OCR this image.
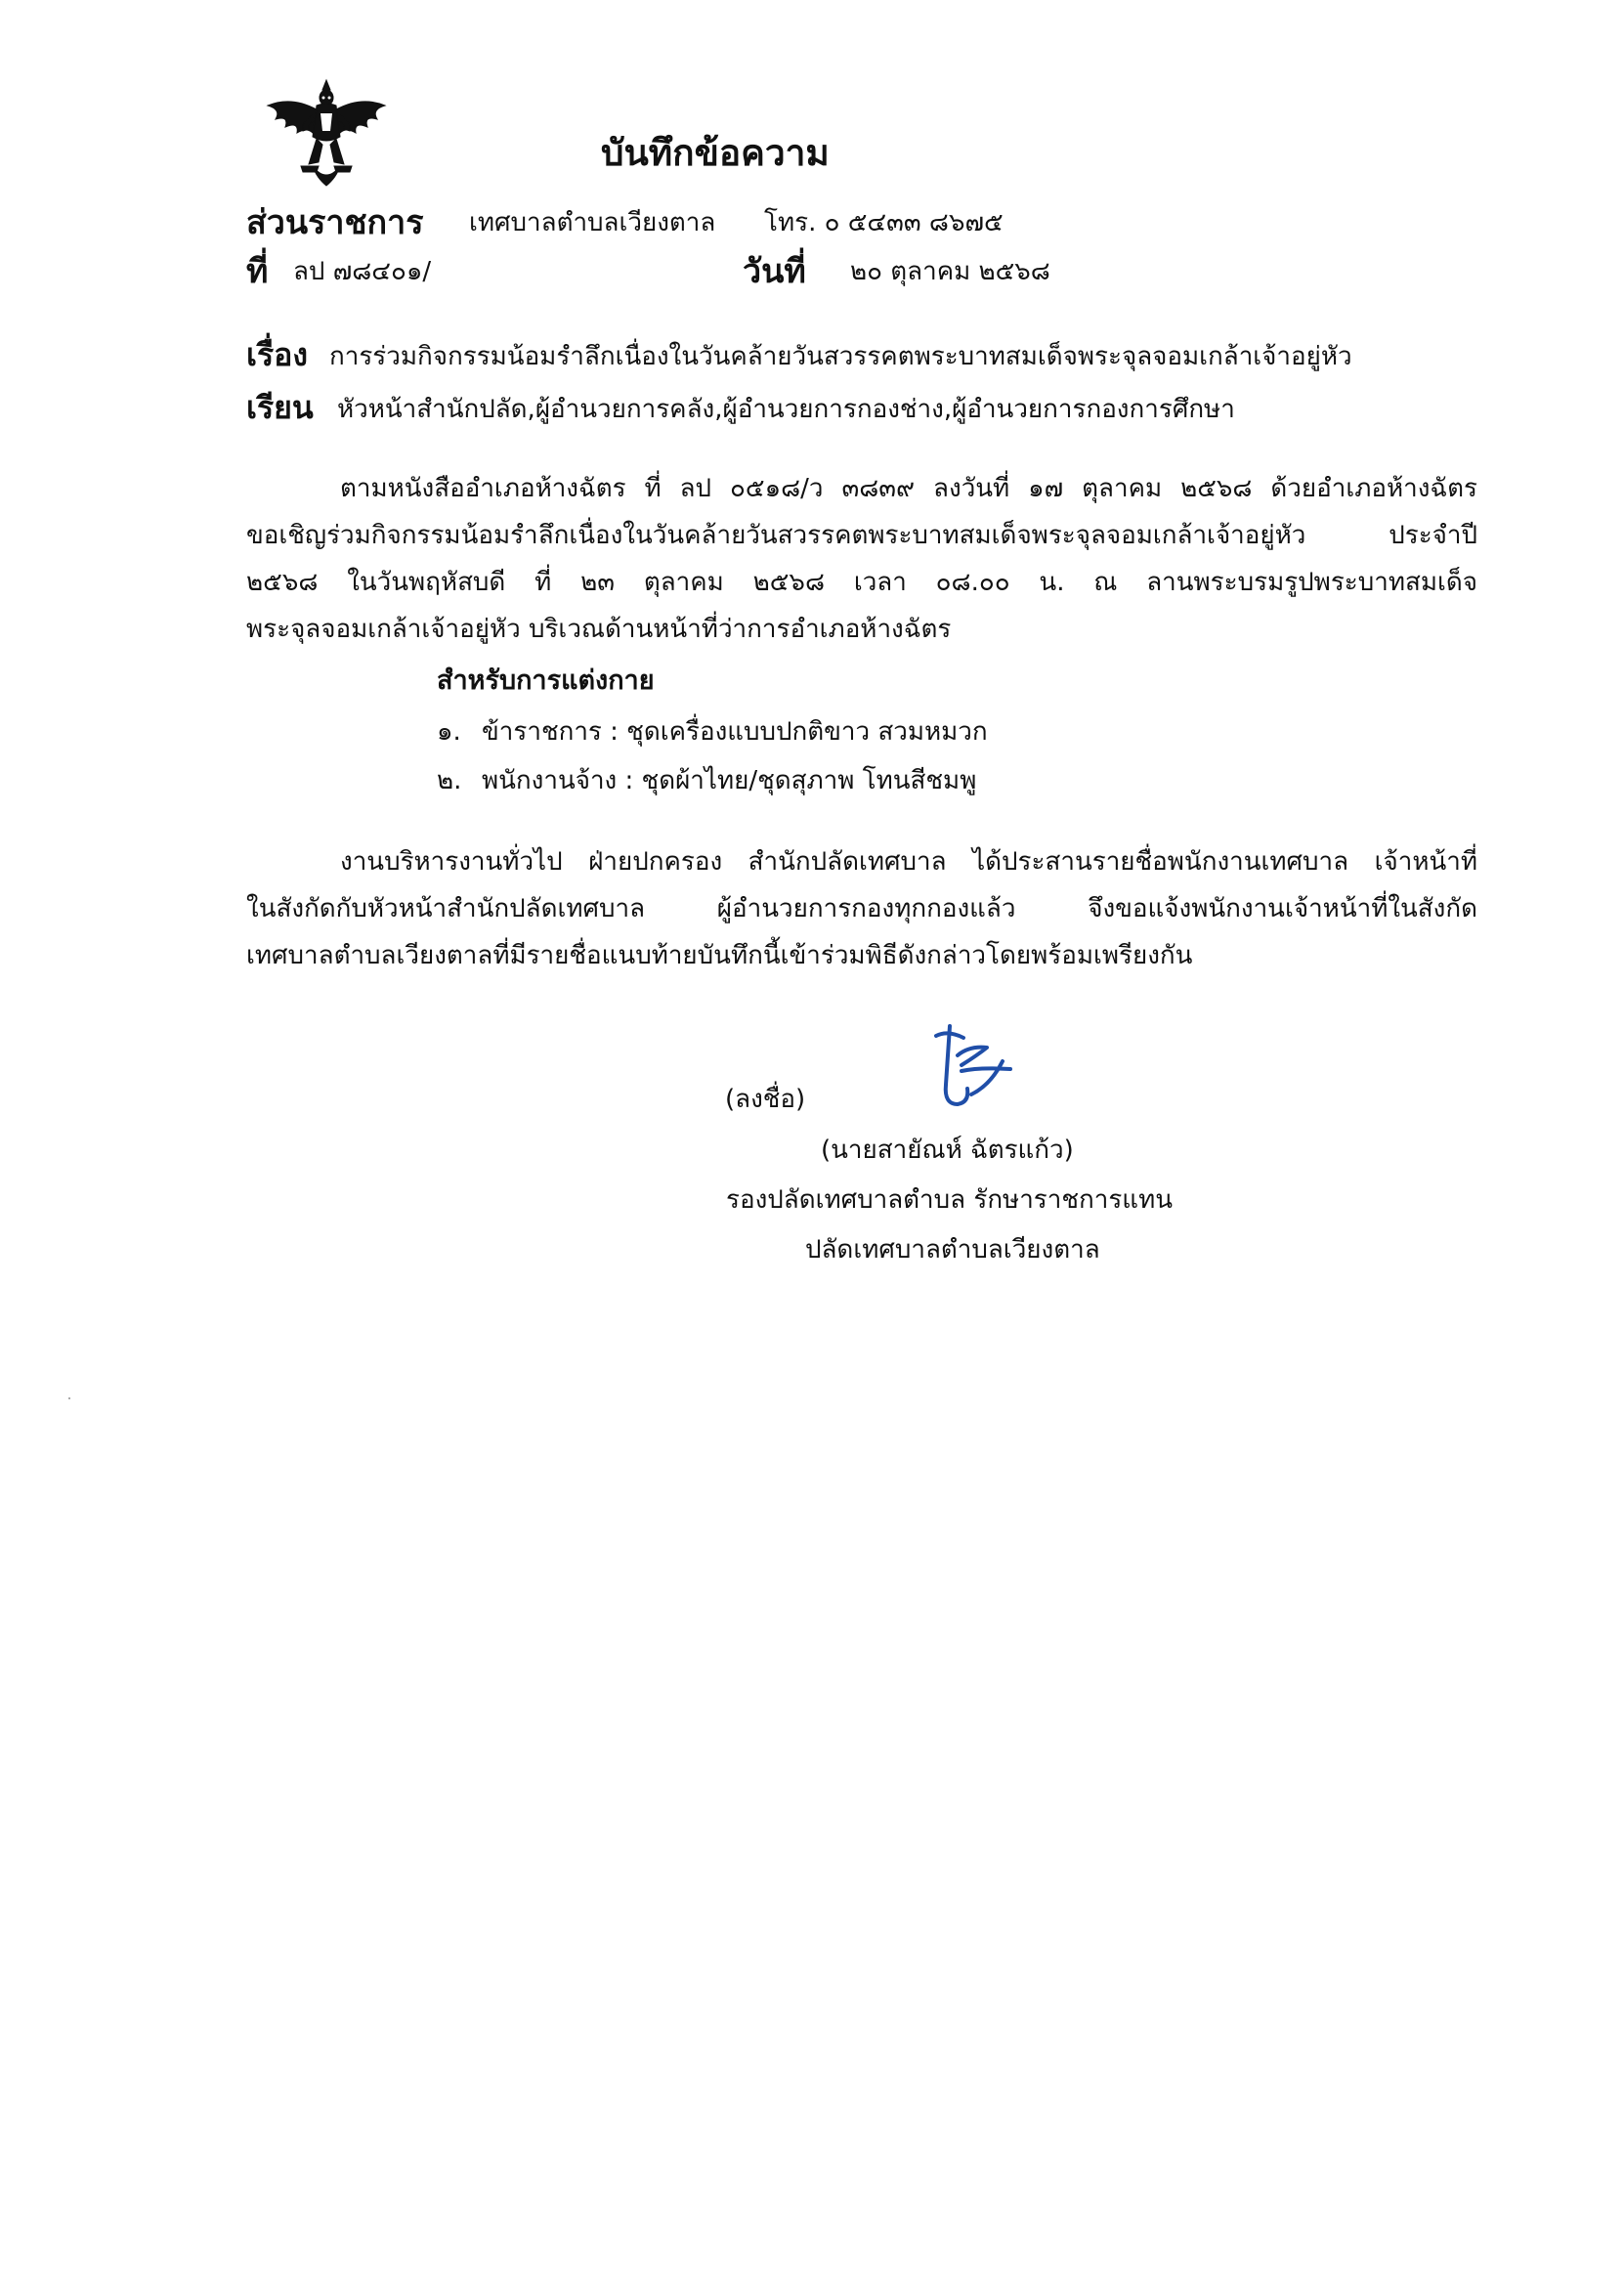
บันทึกข้อความ
ส่วนราชการ เทศบาลตำบลเวียงตาล โทร. ๐ ๕๔๓๓ ๘๖๗๕
ที่ ลป ๗๘๔๐๑/	วันที่ ๒๐ ตุลาคม ๒๕๖๘
เรื่อง การร่วมกิจกรรมน้อมรำลึกเนื่องในวันคล้ายวันสวรรคตพระบาทสมเด็จพระจุลจอมเกล้าเจ้าอยู่หัว
เรียน หัวหน้าสำนักปลัด,ผู้อำนวยการคลัง,ผู้อำนวยการกองช่าง,ผู้อำนวยการกองการศึกษา
ตามหนังสืออำเภอห้างฉัตร ที่ ลป ๐๕๑๘/ว ๓๘๓๙ ลงวันที่ ๑๗ ตุลาคม ๒๕๖๘ ด้วยอำเภอห้างฉัตร
ขอเชิญร่วมกิจกรรมน้อมรำลึกเนื่องในวันคล้ายวันสวรรคตพระบาทสมเด็จพระจุลจอมเกล้าเจ้าอยู่หัว ประจำปี
๒๕๖๘ ในวันพฤหัสบดี ที่ ๒๓ ตุลาคม ๒๕๖๘ เวลา ๐๘.๐๐ น. ณ ลานพระบรมรูปพระบาทสมเด็จ
พระจุลจอมเกล้าเจ้าอยู่หัว บริเวณด้านหน้าที่ว่าการอำเภอห้างฉัตร
สำหรับการแต่งกาย
๑. ข้าราชการ : ชุดเครื่องแบบปกติขาว สวมหมวก
๒. พนักงานจ้าง : ชุดผ้าไทย/ชุดสุภาพ โทนสีชมพู
งานบริหารงานทั่วไป ฝ่ายปกครอง สำนักปลัดเทศบาล ได้ประสานรายชื่อพนักงานเทศบาล เจ้าหน้าที่
ในสังกัดกับหัวหน้าสำนักปลัดเทศบาล ผู้อำนวยการกองทุกกองแล้ว จึงขอแจ้งพนักงานเจ้าหน้าที่ในสังกัด
เทศบาลตำบลเวียงตาลที่มีรายชื่อแนบท้ายบันทึกนี้เข้าร่วมพิธีดังกล่าวโดยพร้อมเพรียงกัน
(ลงชื่อ)
(นายสายัณห์ ฉัตรแก้ว)
รองปลัดเทศบาลตำบล รักษาราชการแทน
ปลัดเทศบาลตำบลเวียงตาล
